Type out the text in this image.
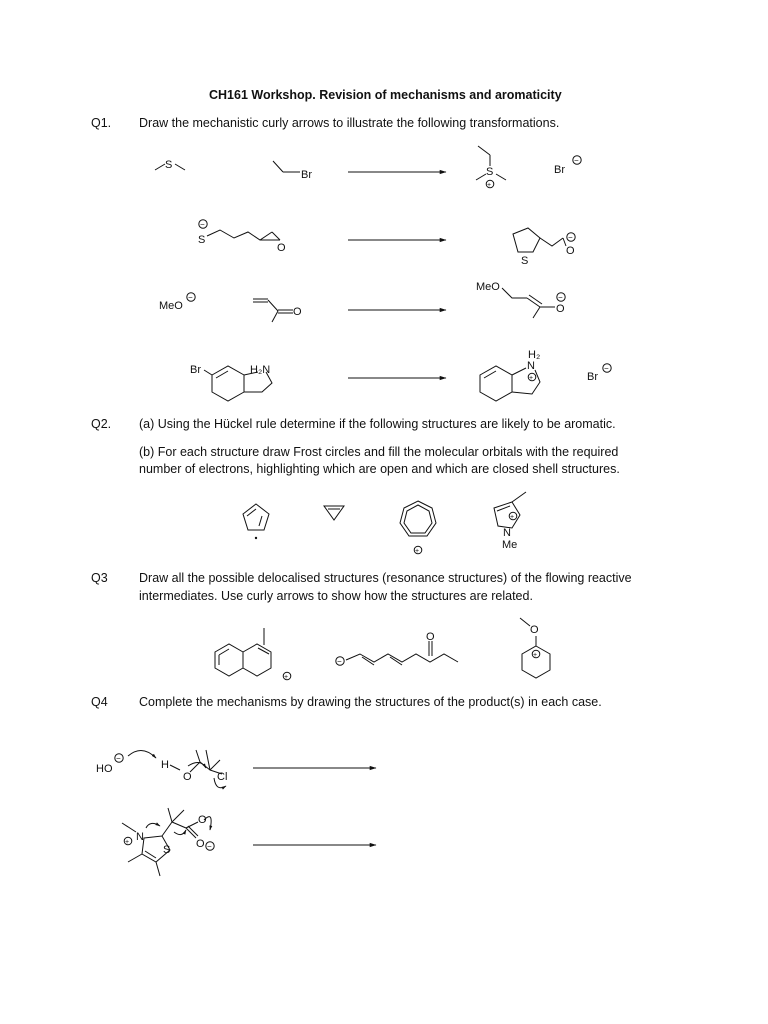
CH161 Workshop. Revision of mechanisms and aromaticity
Q1. Draw the mechanistic curly arrows to illustrate the following transformations.
Q2. (a) Using the Hückel rule determine if the following structures are likely to be aromatic.
(b) For each structure draw Frost circles and fill the molecular orbitals with the required
number of electrons, highlighting which are open and which are closed shell structures.
Q3	Draw all the possible delocalised structures (resonance structures) of the flowing reactive
intermediates. Use curly arrows to show how the structures are related.
Q4	Complete the mechanisms by drawing the structures of the product(s) in each case.
S
Br	S
+
Br
−
−
S
O
S
O
−
MeO
−
O
MeO
O
−
Br	H₂N
H₂
N
+	Br
−
+
+
N
Me
+
−
O
O
+
HO
−
H
O Cl
+ N
S O
O
−
